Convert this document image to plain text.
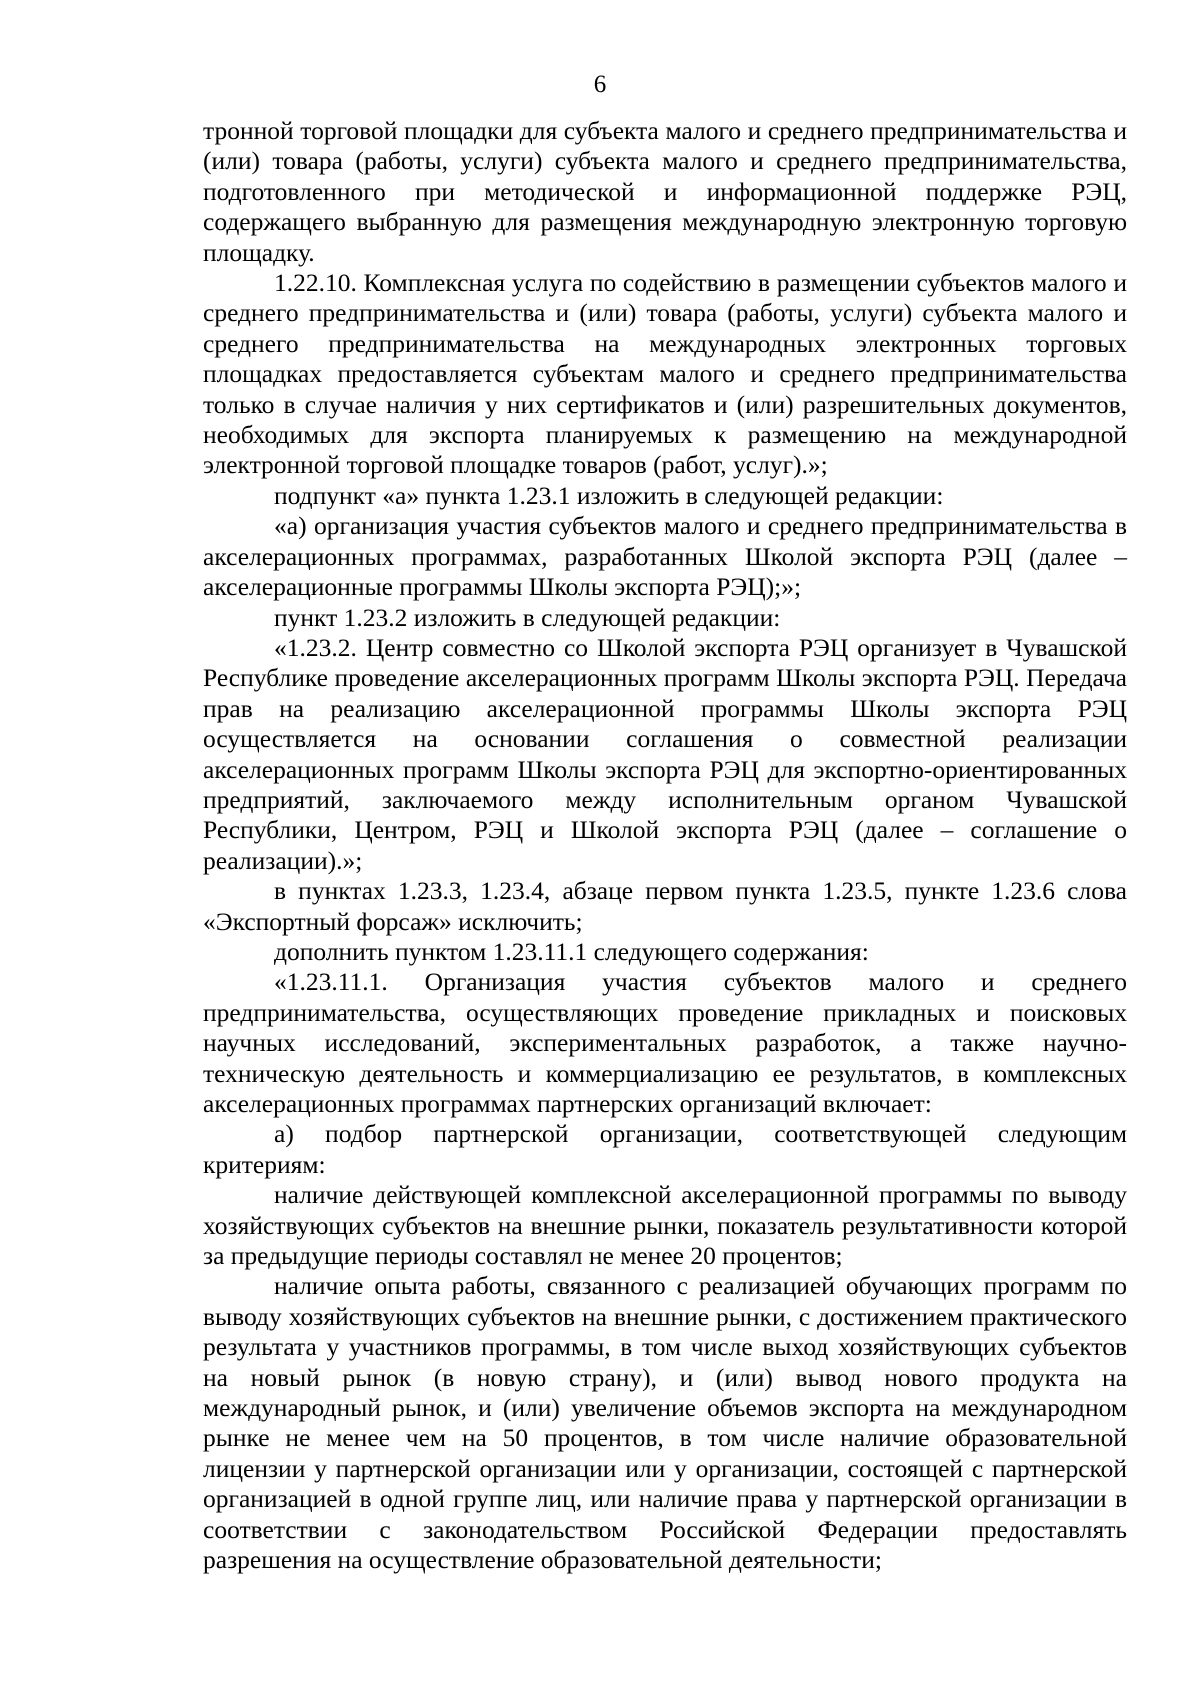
6

тронной торговой площадки для субъекта малого и среднего предпринимательства и (или) товара (работы, услуги) субъекта малого и среднего предпринимательства, подготовленного при методической и информационной поддержке РЭЦ, содержащего выбранную для размещения международную электронную торговую площадку.

1.22.10. Комплексная услуга по содействию в размещении субъектов малого и среднего предпринимательства и (или) товара (работы, услуги) субъекта малого и среднего предпринимательства на международных электронных торговых площадках предоставляется субъектам малого и среднего предпринимательства только в случае наличия у них сертификатов и (или) разрешительных документов, необходимых для экспорта планируемых к размещению на международной электронной торговой площадке товаров (работ, услуг).»;

подпункт «а» пункта 1.23.1 изложить в следующей редакции:

«а) организация участия субъектов малого и среднего предпринимательства в акселерационных программах, разработанных Школой экспорта РЭЦ (далее – акселерационные программы Школы экспорта РЭЦ);»;

пункт 1.23.2 изложить в следующей редакции:

«1.23.2. Центр совместно со Школой экспорта РЭЦ организует в Чувашской Республике проведение акселерационных программ Школы экспорта РЭЦ. Передача прав на реализацию акселерационной программы Школы экспорта РЭЦ осуществляется на основании соглашения о совместной реализации акселерационных программ Школы экспорта РЭЦ для экспортно-ориентированных предприятий, заключаемого между исполнительным органом Чувашской Республики, Центром, РЭЦ и Школой экспорта РЭЦ (далее – соглашение о реализации).»;

в пунктах 1.23.3, 1.23.4, абзаце первом пункта 1.23.5, пункте 1.23.6 слова «Экспортный форсаж» исключить;

дополнить пунктом 1.23.11.1 следующего содержания:

«1.23.11.1. Организация участия субъектов малого и среднего предпринимательства, осуществляющих проведение прикладных и поисковых научных исследований, экспериментальных разработок, а также научно-техническую деятельность и коммерциализацию ее результатов, в комплексных акселерационных программах партнерских организаций включает:

а) подбор партнерской организации, соответствующей следующим критериям:

наличие действующей комплексной акселерационной программы по выводу хозяйствующих субъектов на внешние рынки, показатель результативности которой за предыдущие периоды составлял не менее 20 процентов;

наличие опыта работы, связанного с реализацией обучающих программ по выводу хозяйствующих субъектов на внешние рынки, с достижением практического результата у участников программы, в том числе выход хозяйствующих субъектов на новый рынок (в новую страну), и (или) вывод нового продукта на международный рынок, и (или) увеличение объемов экспорта на международном рынке не менее чем на 50 процентов, в том числе наличие образовательной лицензии у партнерской организации или у организации, состоящей с партнерской организацией в одной группе лиц, или наличие права у партнерской организации в соответствии с законодательством Российской Федерации предоставлять разрешения на осуществление образовательной деятельности;
